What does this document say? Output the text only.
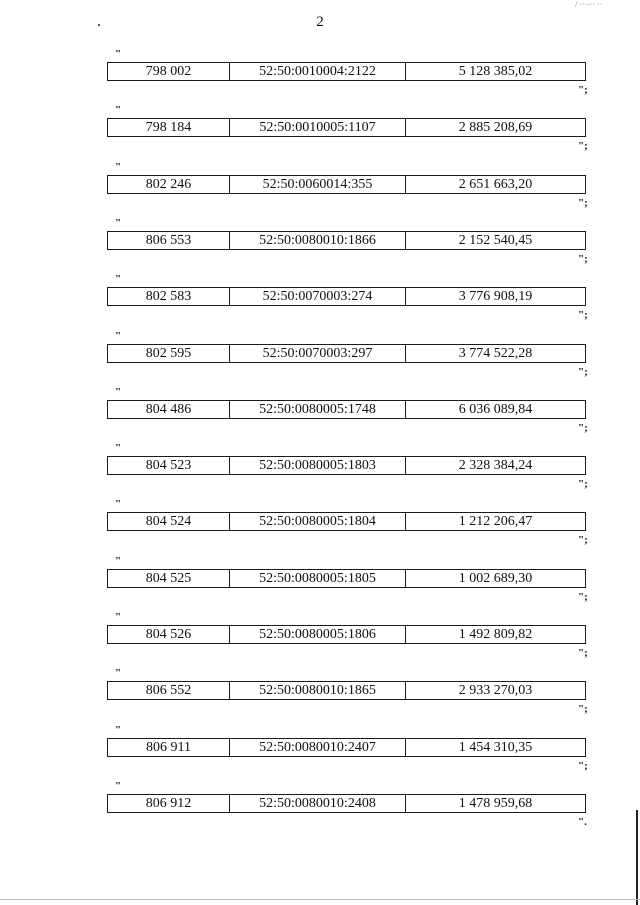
2
/ ···-·· ··
"
798 002	52:50:0010004:2122	5 128 385,02
";
"
798 184	52:50:0010005:1107	2 885 208,69
";
"
802 246	52:50:0060014:355	2 651 663,20
";
"
806 553	52:50:0080010:1866	2 152 540,45
";
"
802 583	52:50:0070003:274	3 776 908,19
";
"
802 595	52:50:0070003:297	3 774 522,28
";
"
804 486	52:50:0080005:1748	6 036 089,84
";
"
804 523	52:50:0080005:1803	2 328 384,24
";
"
804 524	52:50:0080005:1804	1 212 206,47
";
"
804 525	52:50:0080005:1805	1 002 689,30
";
"
804 526	52:50:0080005:1806	1 492 809,82
";
"
806 552	52:50:0080010:1865	2 933 270,03
";
"
806 911	52:50:0080010:2407	1 454 310,35
";
"
806 912	52:50:0080010:2408	1 478 959,68
".
